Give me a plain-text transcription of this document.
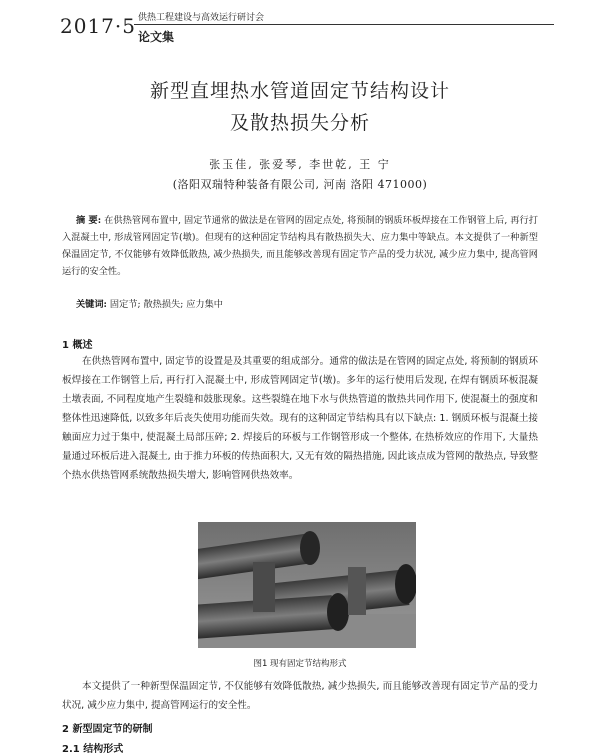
2017·5 供热工程建设与高效运行研讨会
论文集
新型直埋热水管道固定节结构设计
及散热损失分析
张玉佳, 张爱琴, 李世乾, 王 宁
(洛阳双瑞特种装备有限公司, 河南 洛阳 471000)
摘 要: 在供热管网布置中, 固定节通常的做法是在管网的固定点处, 将预制的钢质环板焊接在工作钢管上后, 再行打入混凝土中, 形成管网固定节(墩)。但现有的这种固定节结构具有散热损失大、应力集中等缺点。本文提供了一种新型保温固定节, 不仅能够有效降低散热, 减少热损失, 而且能够改善现有固定节产品的受力状况, 减少应力集中, 提高管网运行的安全性。
关键词: 固定节; 散热损失; 应力集中
1 概述
在供热管网布置中, 固定节的设置是及其重要的组成部分。通常的做法是在管网的固定点处, 将预制的钢质环板焊接在工作钢管上后, 再行打入混凝土中, 形成管网固定节(墩)。多年的运行使用后发现, 在焊有钢质环板混凝土墩表面, 不同程度地产生裂缝和鼓胀现象。这些裂缝在地下水与供热管道的散热共同作用下, 使混凝土的强度和整体性迅速降低, 以致多年后丧失使用功能而失效。现有的这种固定节结构具有以下缺点: 1. 钢质环板与混凝土接触面应力过于集中, 使混凝土局部压碎; 2. 焊接后的环板与工作钢管形成一个整体, 在热桥效应的作用下, 大量热量通过环板后进入混凝土, 由于推力环板的传热面积大, 又无有效的隔热措施, 因此该点成为管网的散热点, 导致整个热水供热管网系统散热损失增大, 影响管网供热效率。
图1 现有固定节结构形式
本文提供了一种新型保温固定节, 不仅能够有效降低散热, 减少热损失, 而且能够改善现有固定节产品的受力状况, 减少应力集中, 提高管网运行的安全性。
2 新型固定节的研制
2.1 结构形式
